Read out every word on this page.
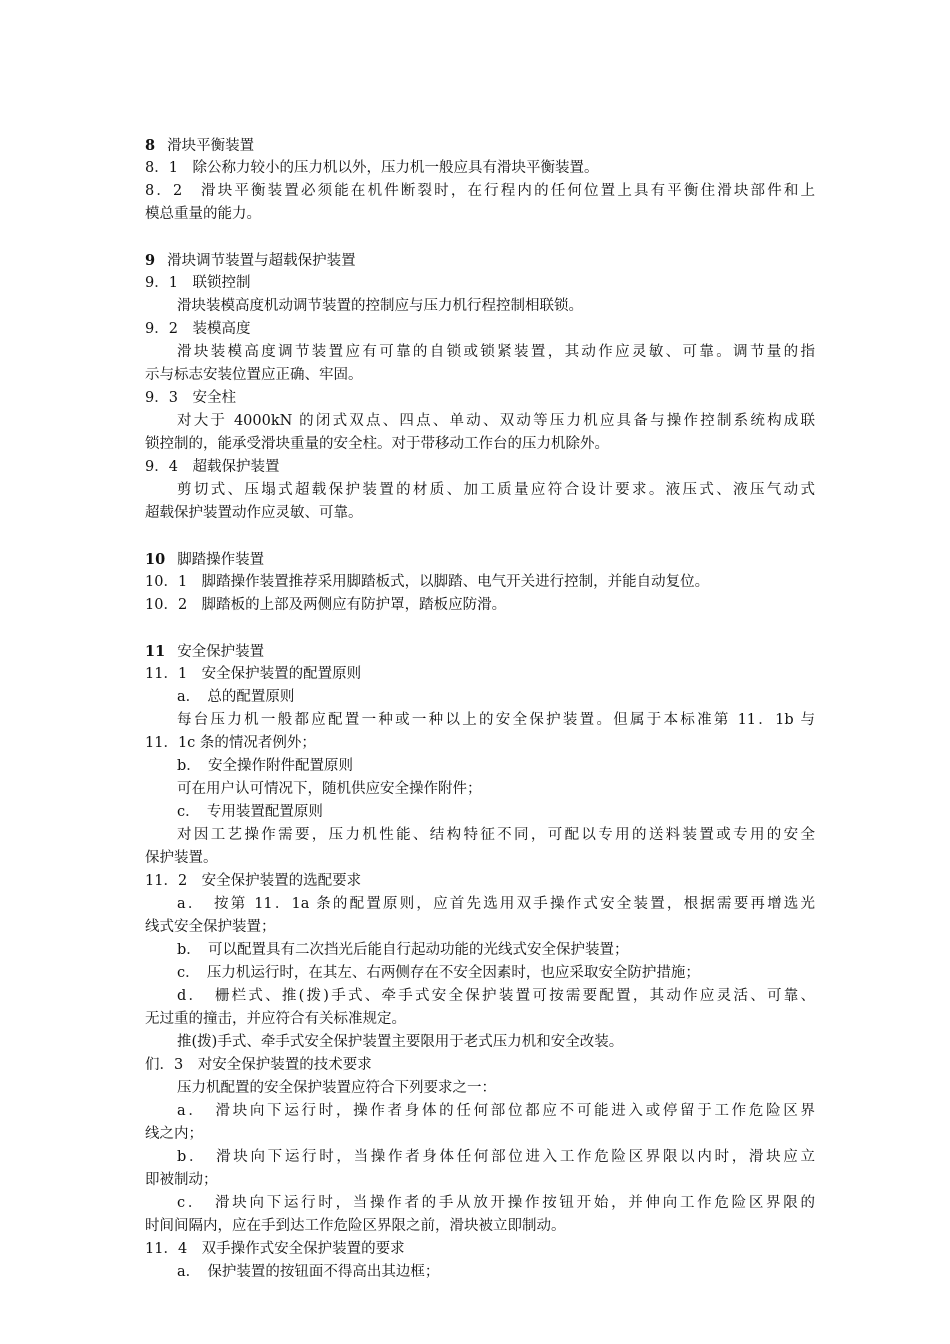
8 滑块平衡装置
8．1　除公称力较小的压力机以外，压力机一般应具有滑块平衡装置。
8．2　滑块平衡装置必须能在机件断裂时，在行程内的任何位置上具有平衡住滑块部件和上
模总重量的能力。
9 滑块调节装置与超载保护装置
9．1　联锁控制
滑块装模高度机动调节装置的控制应与压力机行程控制相联锁。
9．2　装模高度
滑块装模高度调节装置应有可靠的自锁或锁紧装置，其动作应灵敏、可靠。调节量的指
示与标志安装位置应正确、牢固。
9．3　安全柱
对大于 4000kN 的闭式双点、四点、单动、双动等压力机应具备与操作控制系统构成联
锁控制的，能承受滑块重量的安全柱。对于带移动工作台的压力机除外。
9．4　超载保护装置
剪切式、压塌式超载保护装置的材质、加工质量应符合设计要求。液压式、液压气动式
超载保护装置动作应灵敏、可靠。
10 脚踏操作装置
10．1　脚踏操作装置推荐采用脚踏板式，以脚踏、电气开关进行控制，并能自动复位。
10．2　脚踏板的上部及两侧应有防护罩，踏板应防滑。
11 安全保护装置
11．1　安全保护装置的配置原则
a．　总的配置原则
每台压力机一般都应配置一种或一种以上的安全保护装置。但属于本标准第 11．1b 与
11．1c 条的情况者例外；
b．　安全操作附件配置原则
可在用户认可情况下，随机供应安全操作附件；
c．　专用装置配置原则
对因工艺操作需要，压力机性能、结构特征不同，可配以专用的送料装置或专用的安全
保护装置。
11．2　安全保护装置的选配要求
a．　按第 11．1a 条的配置原则，应首先选用双手操作式安全装置，根据需要再增选光
线式安全保护装置；
b．　可以配置具有二次挡光后能自行起动功能的光线式安全保护装置；
c．　压力机运行时，在其左、右两侧存在不安全因素时，也应采取安全防护措施；
d．　栅栏式、推(拨)手式、牵手式安全保护装置可按需要配置，其动作应灵活、可靠、
无过重的撞击，并应符合有关标准规定。
推(拨)手式、牵手式安全保护装置主要限用于老式压力机和安全改装。
们．3　对安全保护装置的技术要求
压力机配置的安全保护装置应符合下列要求之一：
a．　滑块向下运行时，操作者身体的任何部位都应不可能进入或停留于工作危险区界
线之内；
b．　滑块向下运行时，当操作者身体任何部位进入工作危险区界限以内时，滑块应立
即被制动；
c．　滑块向下运行时，当操作者的手从放开操作按钮开始，并伸向工作危险区界限的
时间间隔内，应在手到达工作危险区界限之前，滑块被立即制动。
11．4　双手操作式安全保护装置的要求
a．　保护装置的按钮面不得高出其边框；
